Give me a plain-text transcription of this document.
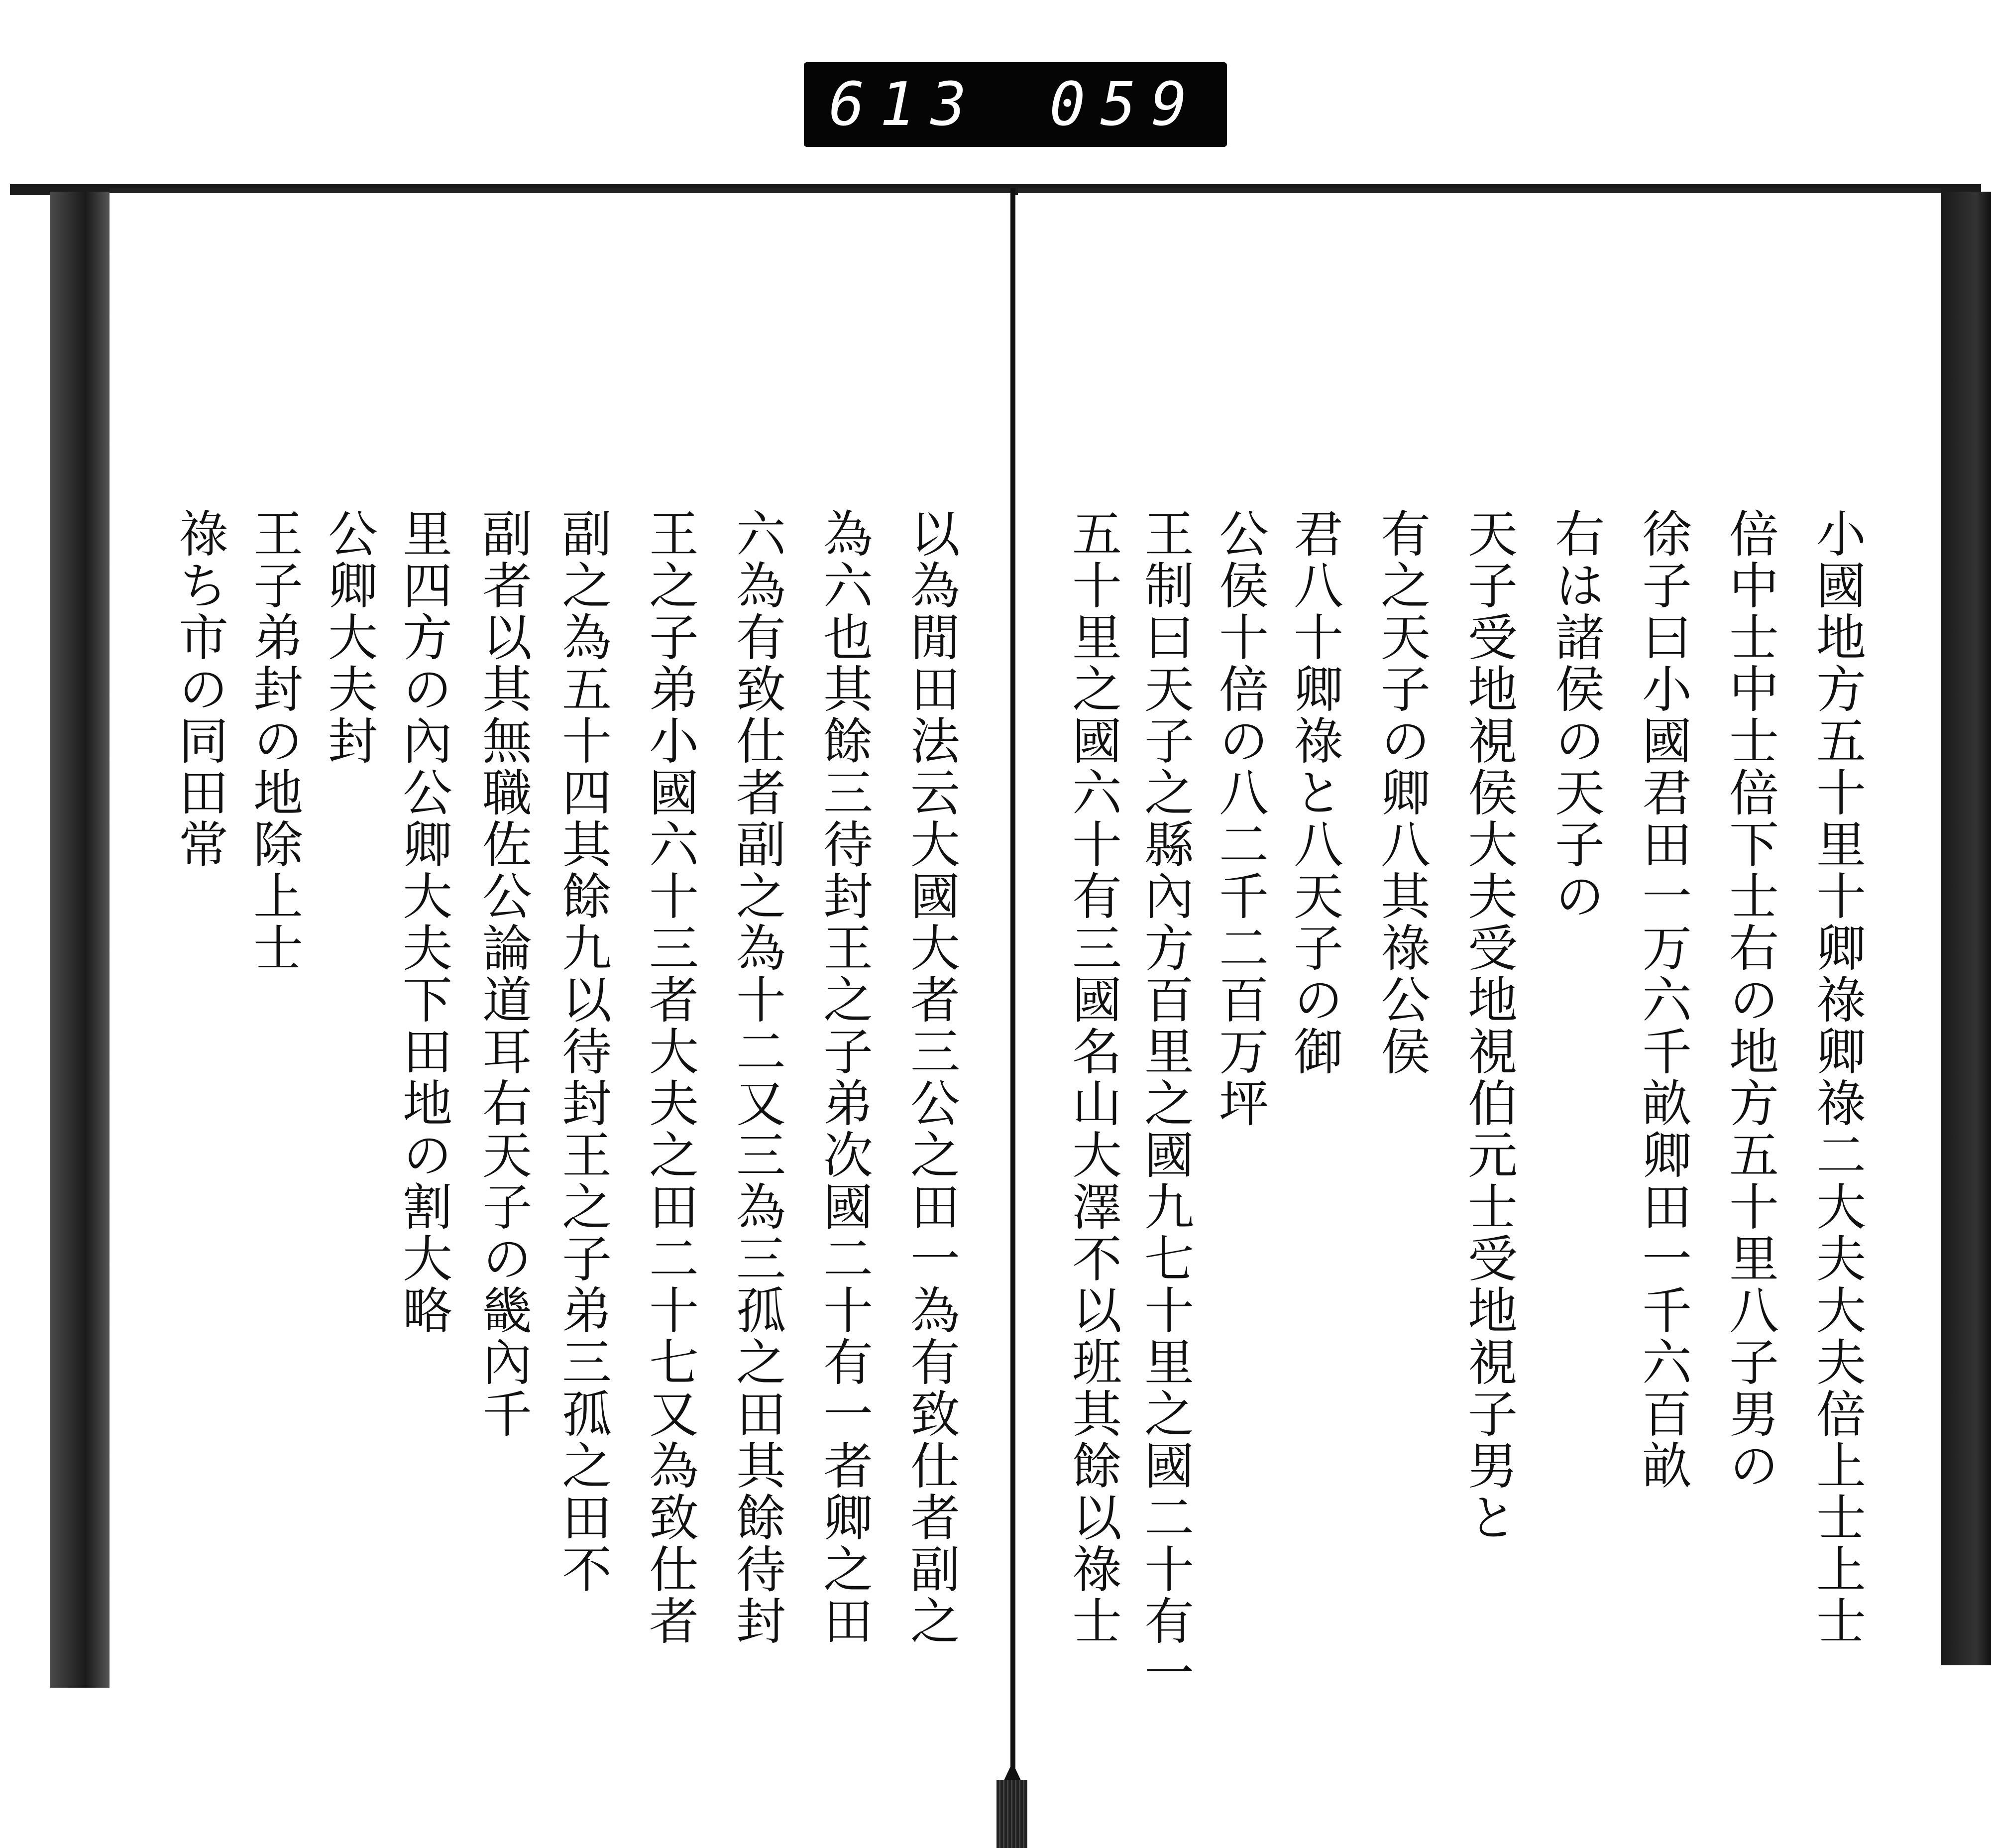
613 059
小國地方五十里十卿祿卿祿二大夫大夫倍上士上士
倍中士中士倍下士右の地方五十里八子男の
徐子曰小國君田一万六千畝卿田一千六百畝
右は諸侯の天子の
天子受地視侯大夫受地視伯元士受地視子男と
有之天子の卿八其祿公侯
君八十卿祿と八天子の御
公侯十倍の八二千二百万坪
王制曰天子之縣內方百里之國九七十里之國二十有一
五十里之國六十有三國名山大澤不以班其餘以祿士
以為閒田法云大國大者三公之田一為有致仕者副之
為六也其餘三待封王之子弟次國二十有一者卿之田
六為有致仕者副之為十二又三為三孤之田其餘待封
王之子弟小國六十三者大夫之田二十七又為致仕者
副之為五十四其餘九以待封王之子弟三孤之田不
副者以其無職佐公論道耳右天子の畿內千
里四方の內公卿大夫下田地の割大略
公卿大夫封
王子弟封の地除上士
祿ち市の同田常
